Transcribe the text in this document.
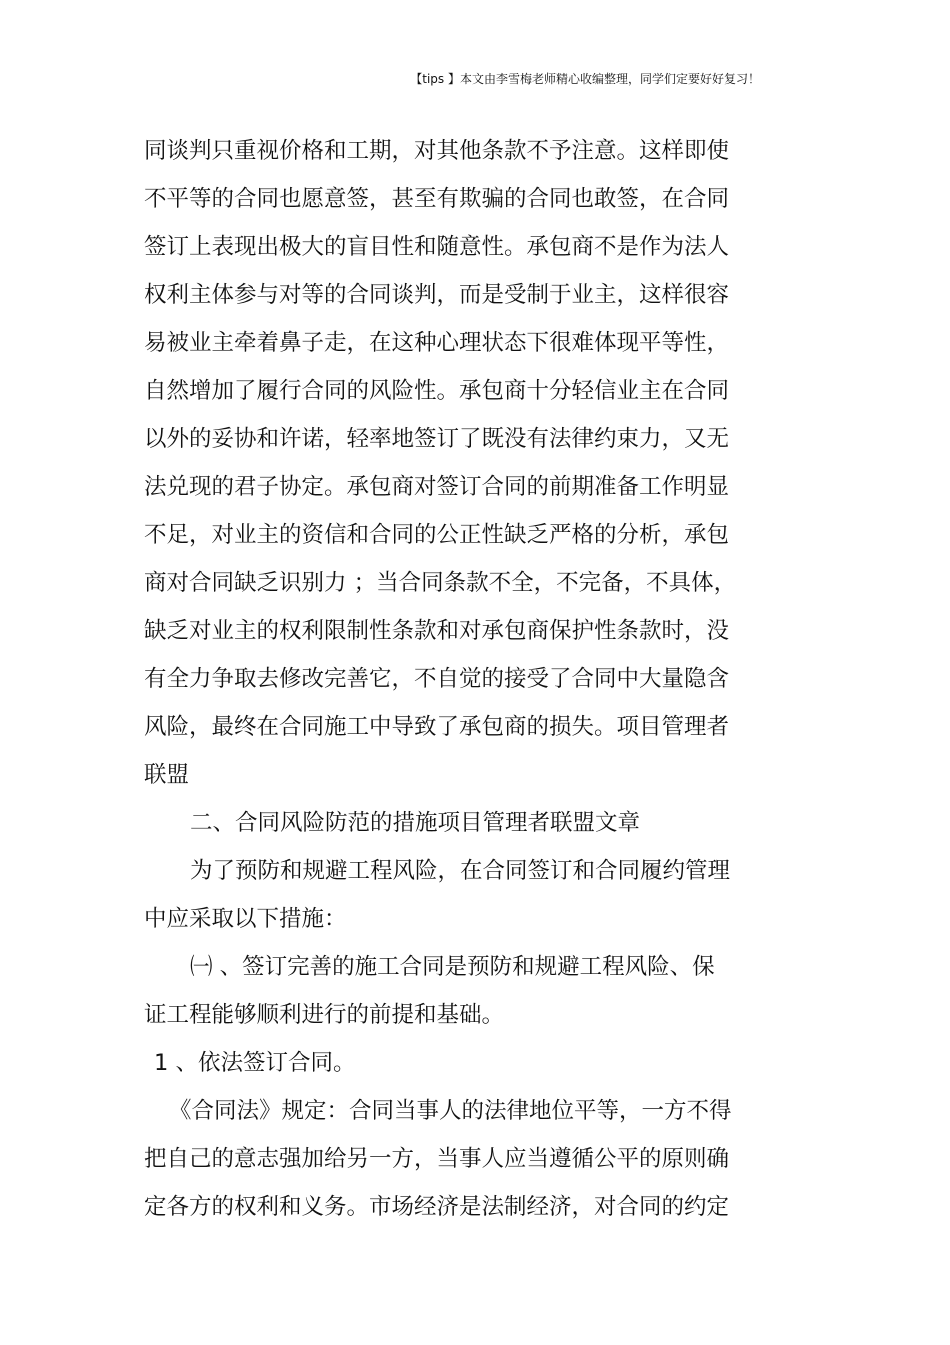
【tips 】本文由李雪梅老师精心收编整理，同学们定要好好复习！
同谈判只重视价格和工期，对其他条款不予注意。这样即使
不平等的合同也愿意签，甚至有欺骗的合同也敢签，在合同
签订上表现出极大的盲目性和随意性。承包商不是作为法人
权利主体参与对等的合同谈判，而是受制于业主，这样很容
易被业主牵着鼻子走，在这种心理状态下很难体现平等性，
自然增加了履行合同的风险性。承包商十分轻信业主在合同
以外的妥协和许诺，轻率地签订了既没有法律约束力，又无
法兑现的君子协定。承包商对签订合同的前期准备工作明显
不足，对业主的资信和合同的公正性缺乏严格的分析，承包
商对合同缺乏识别力 ；当合同条款不全，不完备，不具体，
缺乏对业主的权利限制性条款和对承包商保护性条款时，没
有全力争取去修改完善它，不自觉的接受了合同中大量隐含
风险，最终在合同施工中导致了承包商的损失。项目管理者
联盟
二、合同风险防范的措施项目管理者联盟文章
为了预防和规避工程风险，在合同签订和合同履约管理
中应采取以下措施：
㈠ 、签订完善的施工合同是预防和规避工程风险、保
证工程能够顺利进行的前提和基础。
1 、依法签订合同。
《合同法》规定：合同当事人的法律地位平等，一方不得
把自己的意志强加给另一方，当事人应当遵循公平的原则确
定各方的权利和义务。市场经济是法制经济，对合同的约定
